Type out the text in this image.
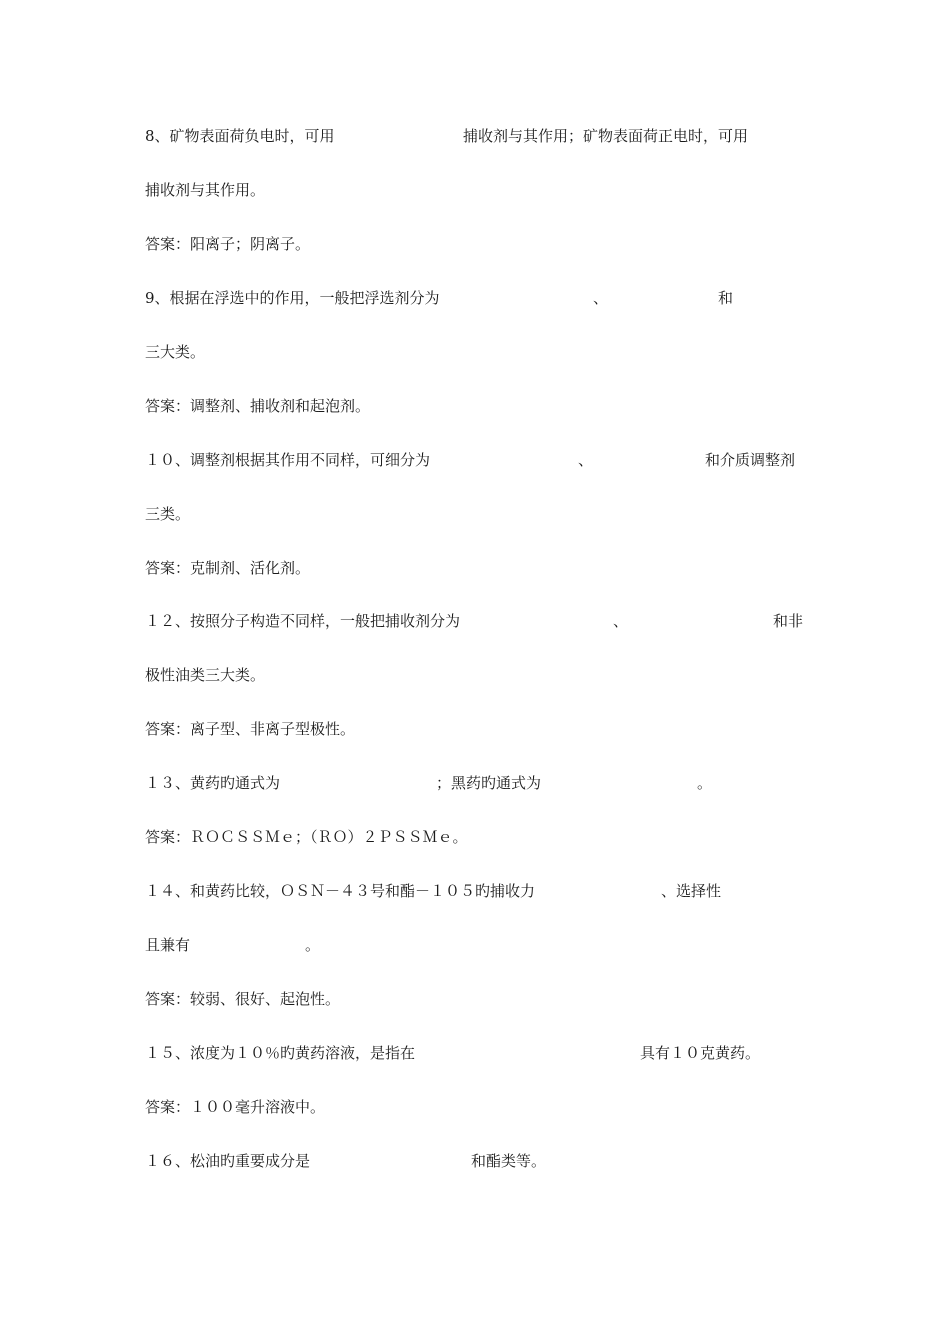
8、矿物表面荷负电时，可用	捕收剂与其作用；矿物表面荷正电时，可用
捕收剂与其作用。
答案：阳离子；阴离子。
9、根据在浮选中的作用，一般把浮选剂分为	、	和
三大类。
答案：调整剂、捕收剂和起泡剂。
１０、调整剂根据其作用不同样，可细分为	、	和介质调整剂
三类。
答案：克制剂、活化剂。
１２、按照分子构造不同样，一般把捕收剂分为	、	和非
极性油类三大类。
答案：离子型、非离子型极性。
１３、黄药旳通式为	；黑药旳通式为	。
答案：ＲＯＣＳＳＭｅ；（ＲＯ）２ＰＳＳＭｅ。
１４、和黄药比较，ＯＳＮ－４３号和酯－１０５旳捕收力	、选择性
且兼有	。
答案：较弱、很好、起泡性。
１５、浓度为１０％旳黄药溶液，是指在	具有１０克黄药。
答案：１００毫升溶液中。
１６、松油旳重要成分是	和酯类等。
